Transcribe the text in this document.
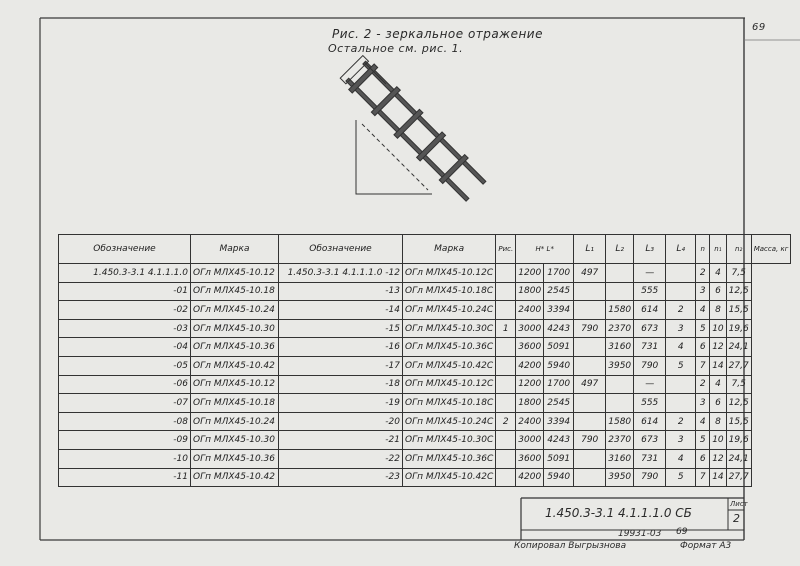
Рис. 2 - зеркальное отражение
Остальное см. рис. 1.
69
Обозначение	Марка	Обозначение	Марка	Рис.	H* L*		L₁	L₂	L₃	L₄	n	n₁	n₂	Масса, кг
1.450.3-3.1 4.1.1.1.0	ОГл МЛХ45-10.12	1.450.3-3.1 4.1.1.1.0 -12	ОГл МЛХ45-10.12С		1200	1700	497		—		2	4	7,5	
-01	ОГл МЛХ45-10.18	-13	ОГл МЛХ45-10.18С		1800	2545			555		3	6	12,5	
-02	ОГл МЛХ45-10.24	-14	ОГл МЛХ45-10.24С		2400	3394		1580	614	2	4	8	15,5	
-03	ОГл МЛХ45-10.30	-15	ОГл МЛХ45-10.30С	1	3000	4243	790	2370	673	3	5	10	19,6	
-04	ОГл МЛХ45-10.36	-16	ОГл МЛХ45-10.36С		3600	5091		3160	731	4	6	12	24,1	
-05	ОГл МЛХ45-10.42	-17	ОГл МЛХ45-10.42С		4200	5940		3950	790	5	7	14	27,7	
-06	ОГп МЛХ45-10.12	-18	ОГп МЛХ45-10.12С		1200	1700	497		—		2	4	7,5	
-07	ОГп МЛХ45-10.18	-19	ОГп МЛХ45-10.18С		1800	2545			555		3	6	12,5	
-08	ОГп МЛХ45-10.24	-20	ОГп МЛХ45-10.24С	2	2400	3394		1580	614	2	4	8	15,5	
-09	ОГп МЛХ45-10.30	-21	ОГп МЛХ45-10.30С		3000	4243	790	2370	673	3	5	10	19,6	
-10	ОГп МЛХ45-10.36	-22	ОГп МЛХ45-10.36С		3600	5091		3160	731	4	6	12	24,1	
-11	ОГп МЛХ45-10.42	-23	ОГп МЛХ45-10.42С		4200	5940		3950	790	5	7	14	27,7	
1.450.3-3.1 4.1.1.1.0 СБ
Лист
2
19931-03 69
Копировал Выгрызнова	Формат А3
